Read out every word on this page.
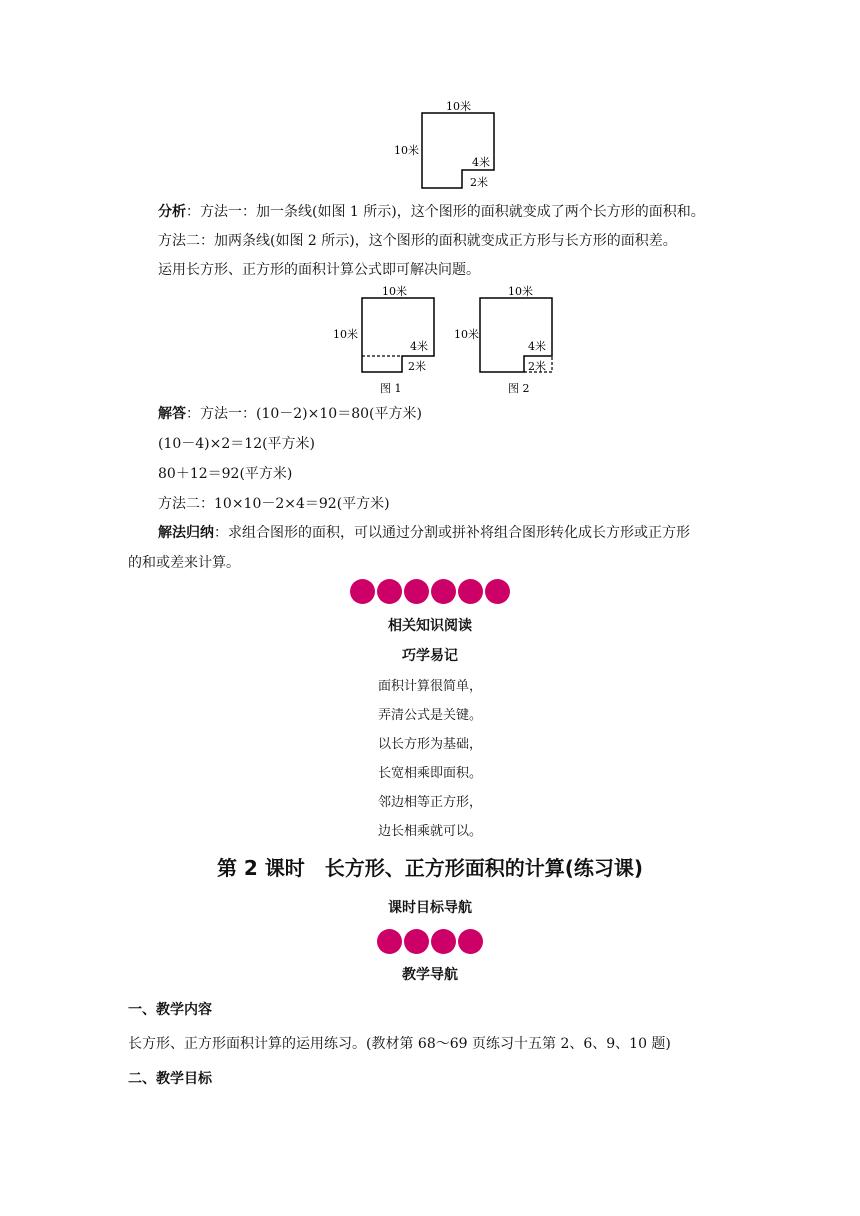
10米
10米
4米
2米
分析：方法一：加一条线(如图 1 所示)，这个图形的面积就变成了两个长方形的面积和。
方法二：加两条线(如图 2 所示)，这个图形的面积就变成正方形与长方形的面积差。
运用长方形、正方形的面积计算公式即可解决问题。
10米
10米
4米
2米
图 1
10米
10米
4米
2米
图 2
解答：方法一：(10－2)×10＝80(平方米)
(10－4)×2＝12(平方米)
80＋12＝92(平方米)
方法二：10×10－2×4＝92(平方米)
解法归纳：求组合图形的面积，可以通过分割或拼补将组合图形转化成长方形或正方形
的和或差来计算。
相关知识阅读
巧学易记
面积计算很简单，
弄清公式是关键。
以长方形为基础，
长宽相乘即面积。
邻边相等正方形，
边长相乘就可以。
第 2 课时　长方形、正方形面积的计算(练习课)
课时目标导航
教学导航
一、教学内容
长方形、正方形面积计算的运用练习。(教材第 68～69 页练习十五第 2、6、9、10 题)
二、教学目标
